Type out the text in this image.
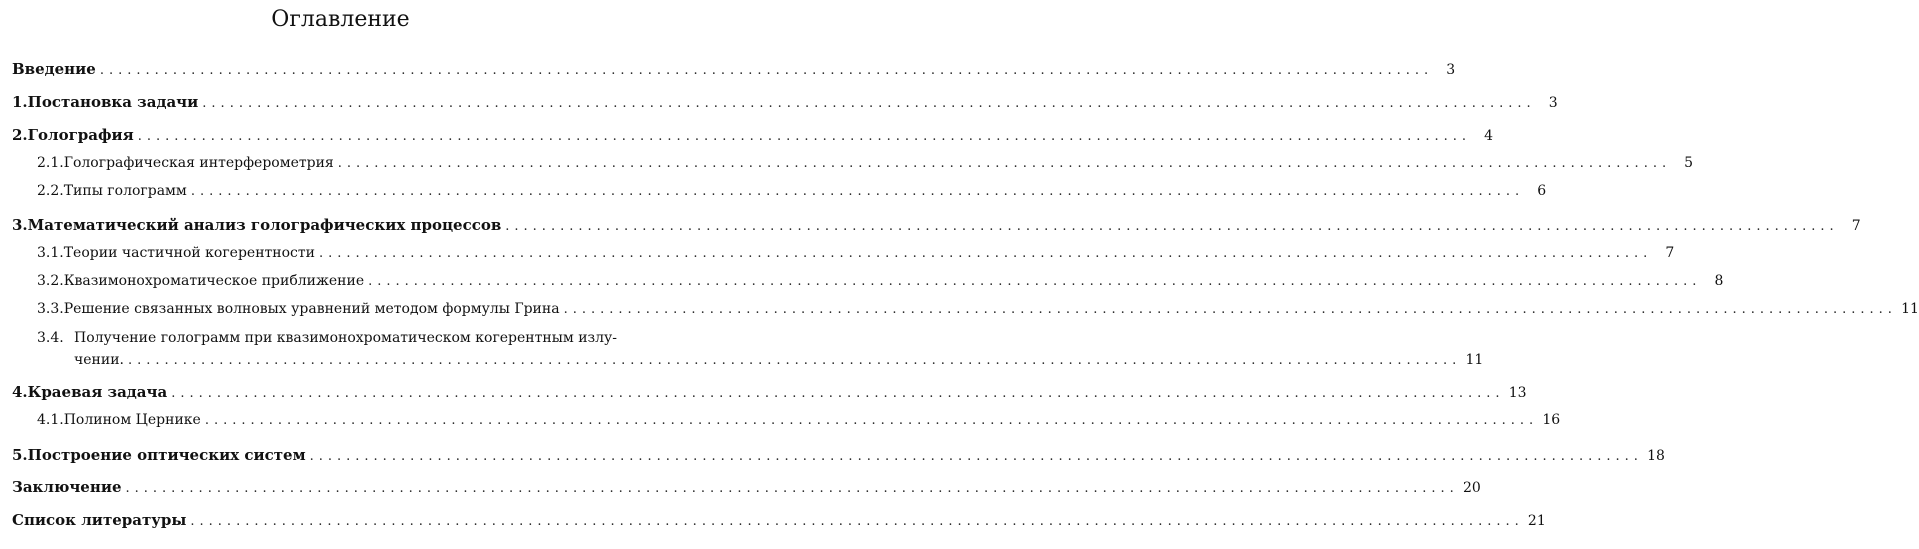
Оглавление
Введение .................................................................................................................................................. 3
1. Постановка задачи .................................................................................................................................................. 3
2. Голография .................................................................................................................................................. 4
2.1. Голографическая интерферометрия .................................................................................................................................................. 5
2.2. Типы голограмм .................................................................................................................................................. 6
3. Математический анализ голографических процессов .................................................................................................................................................. 7
3.1. Теории частичной когерентности .................................................................................................................................................. 7
3.2. Квазимонохроматическое приближение .................................................................................................................................................. 8
3.3. Решение связанных волновых уравнений методом формулы Грина .................................................................................................................................................. 11
3.4. Получение голограмм при квазимонохроматическом когерентным излу-
чении. .................................................................................................................................................. 11
4. Краевая задача .................................................................................................................................................. 13
4.1. Полином Цернике .................................................................................................................................................. 16
5. Построение оптических систем .................................................................................................................................................. 18
Заключение .................................................................................................................................................. 20
Список литературы .................................................................................................................................................. 21
